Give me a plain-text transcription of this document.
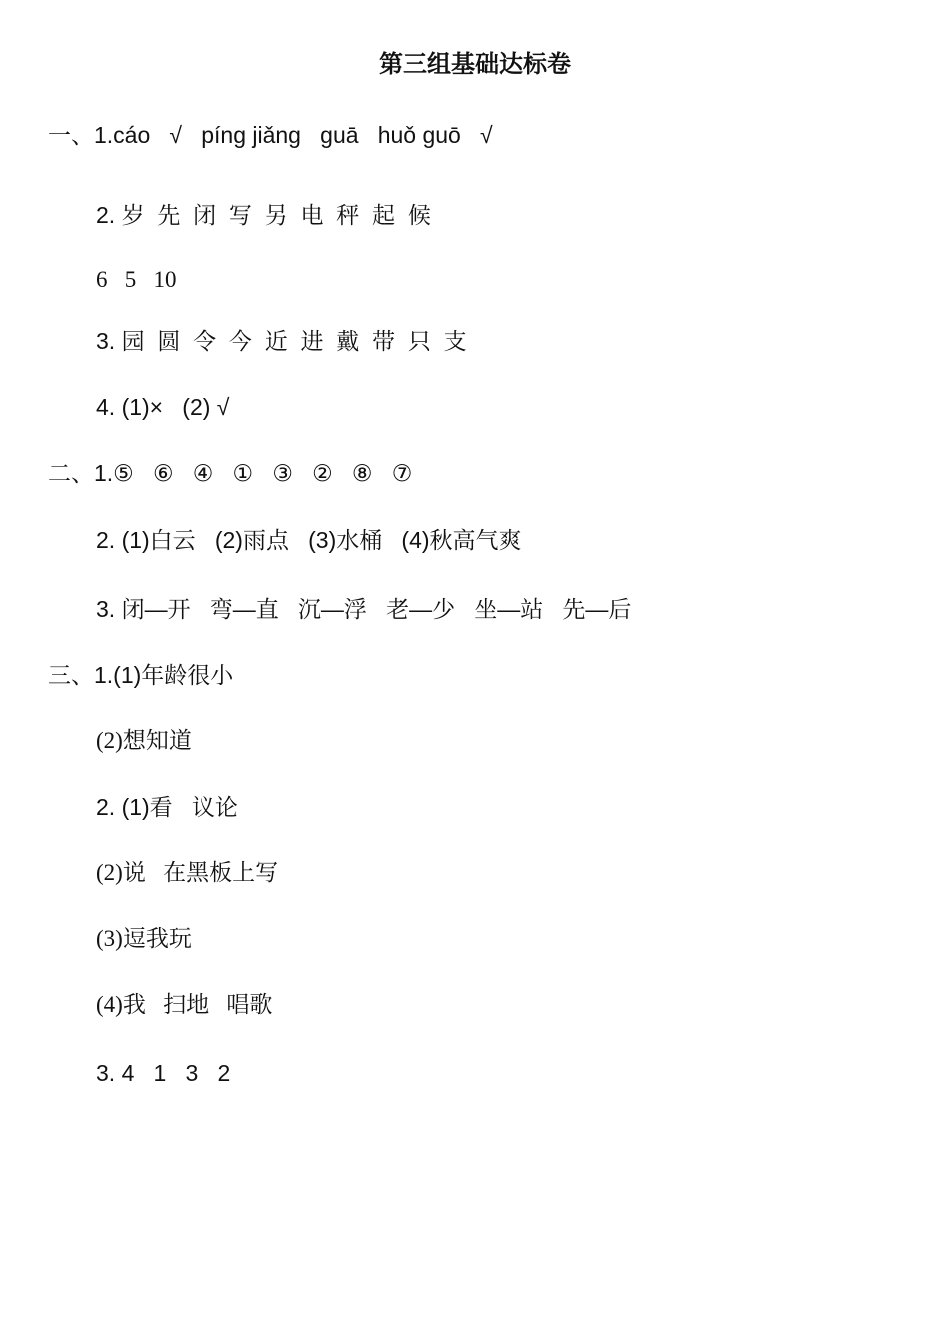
第三组基础达标卷
一、1.cáo   √   píng jiǎng   guā   huǒ guō   √
2. 岁  先  闭  写  另  电  秤  起  候
6   5   10
3. 园  圆  令  今  近  进  戴  带  只  支
4. (1)×   (2) √
二、1.⑤   ⑥   ④   ①   ③   ②   ⑧   ⑦
2. (1)白云   (2)雨点   (3)水桶   (4)秋高气爽
3. 闭—开   弯—直   沉—浮   老—少   坐—站   先—后
三、1.(1)年龄很小
(2)想知道
2. (1)看   议论
(2)说   在黑板上写
(3)逗我玩
(4)我   扫地   唱歌
3. 4   1   3   2
